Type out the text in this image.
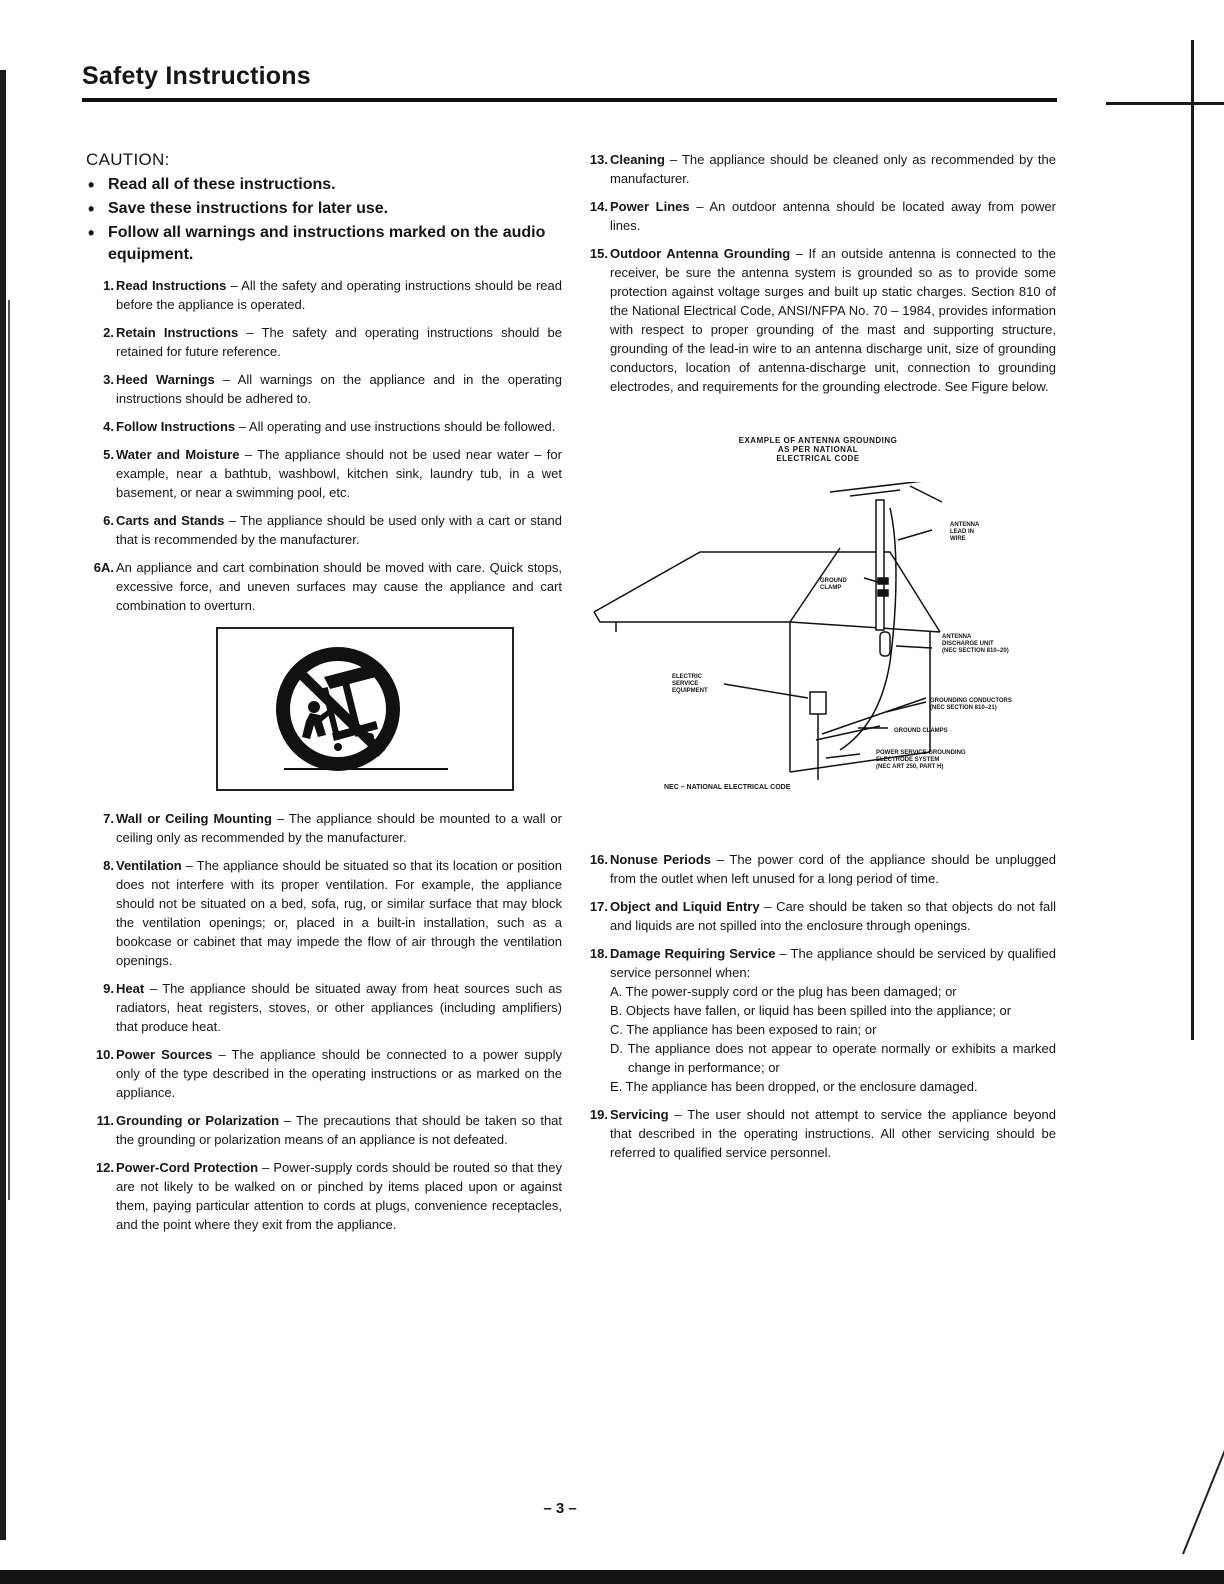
Safety Instructions
CAUTION:
• Read all of these instructions.
• Save these instructions for later use.
• Follow all warnings and instructions marked on the audio equipment.
1. Read Instructions – All the safety and operating instructions should be read before the appliance is operated.
2. Retain Instructions – The safety and operating instructions should be retained for future reference.
3. Heed Warnings – All warnings on the appliance and in the operating instructions should be adhered to.
4. Follow Instructions – All operating and use instructions should be followed.
5. Water and Moisture – The appliance should not be used near water – for example, near a bathtub, washbowl, kitchen sink, laundry tub, in a wet basement, or near a swimming pool, etc.
6. Carts and Stands – The appliance should be used only with a cart or stand that is recommended by the manufacturer.
6A. An appliance and cart combination should be moved with care. Quick stops, excessive force, and uneven surfaces may cause the appliance and cart combination to overturn.
7. Wall or Ceiling Mounting – The appliance should be mounted to a wall or ceiling only as recommended by the manufacturer.
8. Ventilation – The appliance should be situated so that its location or position does not interfere with its proper ventilation. For example, the appliance should not be situated on a bed, sofa, rug, or similar surface that may block the ventilation openings; or, placed in a built-in installation, such as a bookcase or cabinet that may impede the flow of air through the ventilation openings.
9. Heat – The appliance should be situated away from heat sources such as radiators, heat registers, stoves, or other appliances (including amplifiers) that produce heat.
10. Power Sources – The appliance should be connected to a power supply only of the type described in the operating instructions or as marked on the appliance.
11. Grounding or Polarization – The precautions that should be taken so that the grounding or polarization means of an appliance is not defeated.
12. Power-Cord Protection – Power-supply cords should be routed so that they are not likely to be walked on or pinched by items placed upon or against them, paying particular attention to cords at plugs, convenience receptacles, and the point where they exit from the appliance.
13. Cleaning – The appliance should be cleaned only as recommended by the manufacturer.
14. Power Lines – An outdoor antenna should be located away from power lines.
15. Outdoor Antenna Grounding – If an outside antenna is connected to the receiver, be sure the antenna system is grounded so as to provide some protection against voltage surges and built up static charges. Section 810 of the National Electrical Code, ANSI/NFPA No. 70 – 1984, provides information with respect to proper grounding of the mast and supporting structure, grounding of the lead-in wire to an antenna discharge unit, size of grounding conductors, location of antenna-discharge unit, connection to grounding electrodes, and requirements for the grounding electrode. See Figure below.
EXAMPLE OF ANTENNA GROUNDING
AS PER NATIONAL
ELECTRICAL CODE
ANTENNA
LEAD IN
WIRE
GROUND
CLAMP
ANTENNA
DISCHARGE UNIT
(NEC SECTION 810–20)
ELECTRIC
SERVICE
EQUIPMENT
GROUNDING CONDUCTORS
(NEC SECTION 810–21)
GROUND CLAMPS
POWER SERVICE GROUNDING
ELECTRODE SYSTEM
(NEC ART 250, PART H)
NEC – NATIONAL ELECTRICAL CODE
16. Nonuse Periods – The power cord of the appliance should be unplugged from the outlet when left unused for a long period of time.
17. Object and Liquid Entry – Care should be taken so that objects do not fall and liquids are not spilled into the enclosure through openings.
18. Damage Requiring Service – The appliance should be serviced by qualified service personnel when:
A. The power-supply cord or the plug has been damaged; or
B. Objects have fallen, or liquid has been spilled into the appliance; or
C. The appliance has been exposed to rain; or
D. The appliance does not appear to operate normally or exhibits a marked change in performance; or
E. The appliance has been dropped, or the enclosure damaged.
19. Servicing – The user should not attempt to service the appliance beyond that described in the operating instructions. All other servicing should be referred to qualified service personnel.
– 3 –
